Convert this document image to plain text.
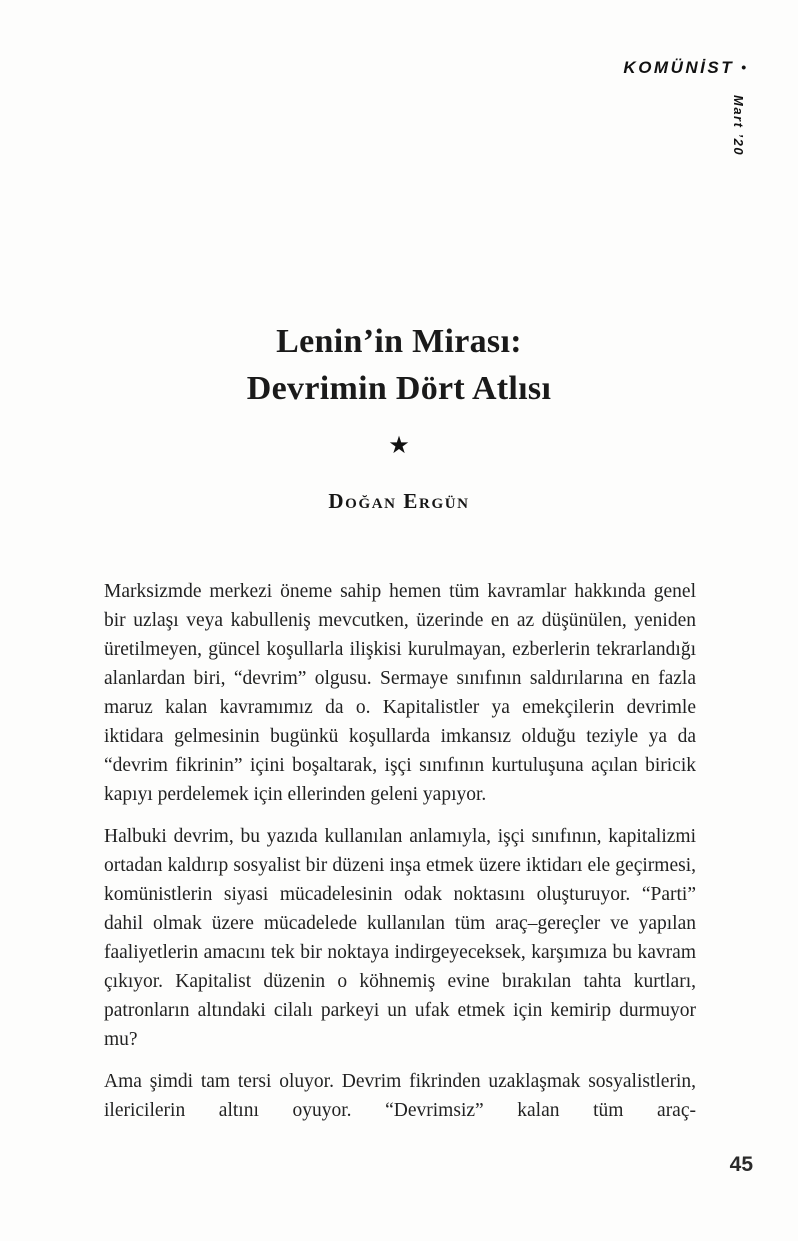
KOMÜNİST •
Mart ’20
Lenin’in Mirası:
Devrimin Dört Atlısı
★
Doğan Ergün

Marksizmde merkezi öneme sahip hemen tüm kavramlar hakkında genel bir uzlaşı veya kabulleniş mevcutken, üzerinde en az düşünülen, yeniden üretilmeyen, güncel koşullarla ilişkisi kurulmayan, ezberlerin tekrarlandığı alanlardan biri, “devrim” olgusu. Sermaye sınıfının saldırılarına en fazla maruz kalan kavramımız da o. Kapitalistler ya emekçilerin devrimle iktidara gelmesinin bugünkü koşullarda imkansız olduğu teziyle ya da “devrim fikrinin” içini boşaltarak, işçi sınıfının kurtuluşuna açılan biricik kapıyı perdelemek için ellerinden geleni yapıyor.

Halbuki devrim, bu yazıda kullanılan anlamıyla, işçi sınıfının, kapitalizmi ortadan kaldırıp sosyalist bir düzeni inşa etmek üzere iktidarı ele geçirmesi, komünistlerin siyasi mücadelesinin odak noktasını oluşturuyor. “Parti” dahil olmak üzere mücadelede kullanılan tüm araç–gereçler ve yapılan faaliyetlerin amacını tek bir noktaya indirgeyeceksek, karşımıza bu kavram çıkıyor. Kapitalist düzenin o köhnemiş evine bırakılan tahta kurtları, patronların altındaki cilalı parkeyi un ufak etmek için kemirip durmuyor mu?

Ama şimdi tam tersi oluyor. Devrim fikrinden uzaklaşmak sosyalistlerin, ilericilerin altını oyuyor. “Devrimsiz” kalan tüm araç-

45
